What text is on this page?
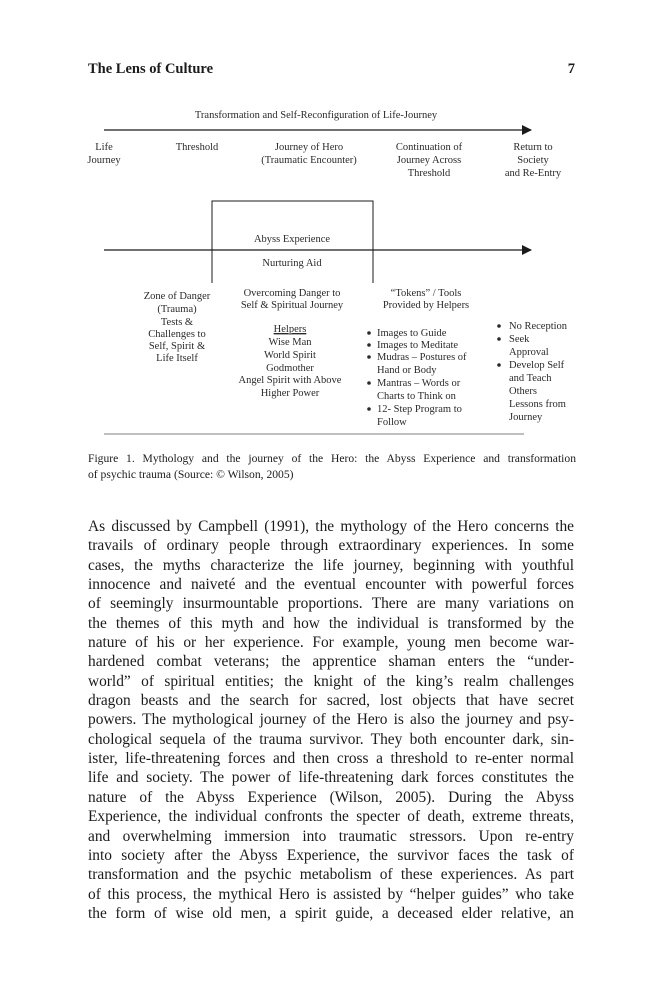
The Lens of Culture	7
Transformation and Self-Reconfiguration of Life-Journey
Life
Journey
Threshold	Journey of Hero
(Traumatic Encounter)
Continuation of
Journey Across
Threshold
Return to
Society
and Re-Entry
Abyss Experience
Nurturing Aid
Zone of Danger
(Trauma)
Tests &
Challenges to
Self, Spirit &
Life Itself
Overcoming Danger to
Self & Spiritual Journey
Helpers
Wise Man
World Spirit
Godmother
Angel Spirit with Above
Higher Power
“Tokens” / Tools
Provided by Helpers
Images to Guide
Images to Meditate
Mudras – Postures of
Hand or Body
Mantras – Words or
Charts to Think on
12- Step Program to
Follow
No Reception
Seek
Approval
Develop Self
and Teach
Others
Lessons from
Journey
Figure 1. Mythology and the journey of the Hero: the Abyss Experience and transformation
of psychic trauma (Source: © Wilson, 2005)
As discussed by Campbell (1991), the mythology of the Hero concerns the
travails of ordinary people through extraordinary experiences. In some
cases, the myths characterize the life journey, beginning with youthful
innocence and naiveté and the eventual encounter with powerful forces
of seemingly insurmountable proportions. There are many variations on
the themes of this myth and how the individual is transformed by the
nature of his or her experience. For example, young men become war-
hardened combat veterans; the apprentice shaman enters the “under-
world” of spiritual entities; the knight of the king’s realm challenges
dragon beasts and the search for sacred, lost objects that have secret
powers. The mythological journey of the Hero is also the journey and psy-
chological sequela of the trauma survivor. They both encounter dark, sin-
ister, life-threatening forces and then cross a threshold to re-enter normal
life and society. The power of life-threatening dark forces constitutes the
nature of the Abyss Experience (Wilson, 2005). During the Abyss
Experience, the individual confronts the specter of death, extreme threats,
and overwhelming immersion into traumatic stressors. Upon re-entry
into society after the Abyss Experience, the survivor faces the task of
transformation and the psychic metabolism of these experiences. As part
of this process, the mythical Hero is assisted by “helper guides” who take
the form of wise old men, a spirit guide, a deceased elder relative, an
